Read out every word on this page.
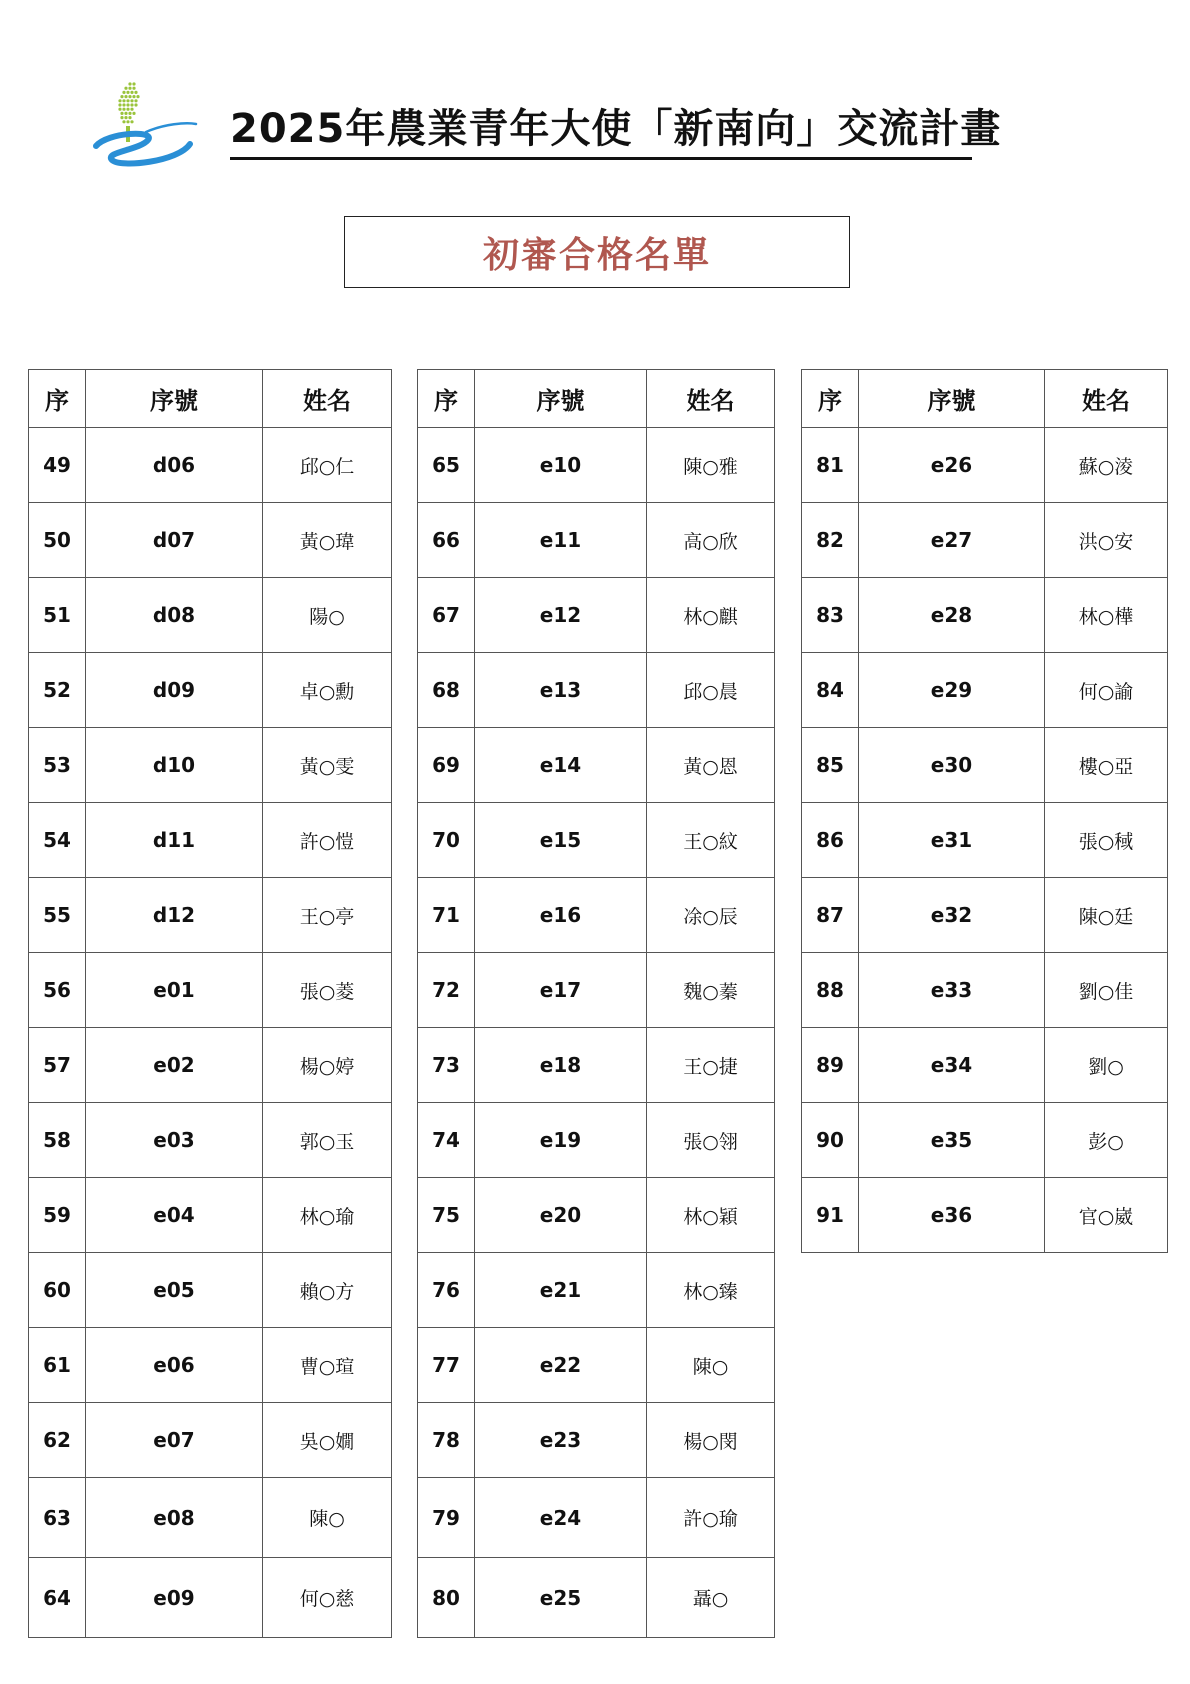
2025年農業青年大使「新南向」交流計畫
初審合格名單
序	序號	姓名
49	d06	邱○仁
50	d07	黃○瑋
51	d08	陽○
52	d09	卓○勳
53	d10	黃○雯
54	d11	許○愷
55	d12	王○亭
56	e01	張○菱
57	e02	楊○婷
58	e03	郭○玉
59	e04	林○瑜
60	e05	賴○方
61	e06	曹○瑄
62	e07	吳○嫺
63	e08	陳○
64	e09	何○慈
序	序號	姓名
65	e10	陳○雅
66	e11	高○欣
67	e12	林○麒
68	e13	邱○晨
69	e14	黃○恩
70	e15	王○紋
71	e16	凃○辰
72	e17	魏○蓁
73	e18	王○捷
74	e19	張○翎
75	e20	林○穎
76	e21	林○臻
77	e22	陳○
78	e23	楊○閔
79	e24	許○瑜
80	e25	聶○
序	序號	姓名
81	e26	蘇○淩
82	e27	洪○安
83	e28	林○樺
84	e29	何○諭
85	e30	樓○亞
86	e31	張○稢
87	e32	陳○廷
88	e33	劉○佳
89	e34	劉○
90	e35	彭○
91	e36	官○崴
